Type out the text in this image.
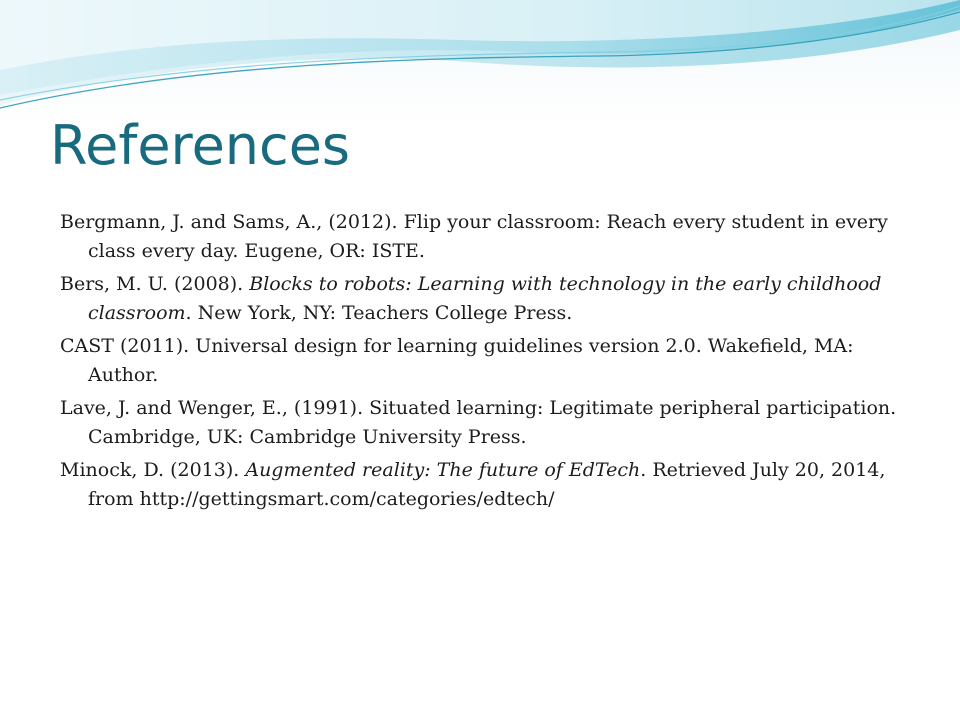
References
Bergmann, J. and Sams, A., (2012). Flip your classroom: Reach every student in every class every day. Eugene, OR: ISTE.
Bers, M. U. (2008). Blocks to robots: Learning with technology in the early childhood classroom. New York, NY: Teachers College Press.
CAST (2011). Universal design for learning guidelines version 2.0. Wakefield, MA: Author.
Lave, J. and Wenger, E., (1991). Situated learning: Legitimate peripheral participation. Cambridge, UK: Cambridge University Press.
Minock, D. (2013). Augmented reality: The future of EdTech. Retrieved July 20, 2014, from http://gettingsmart.com/categories/edtech/
